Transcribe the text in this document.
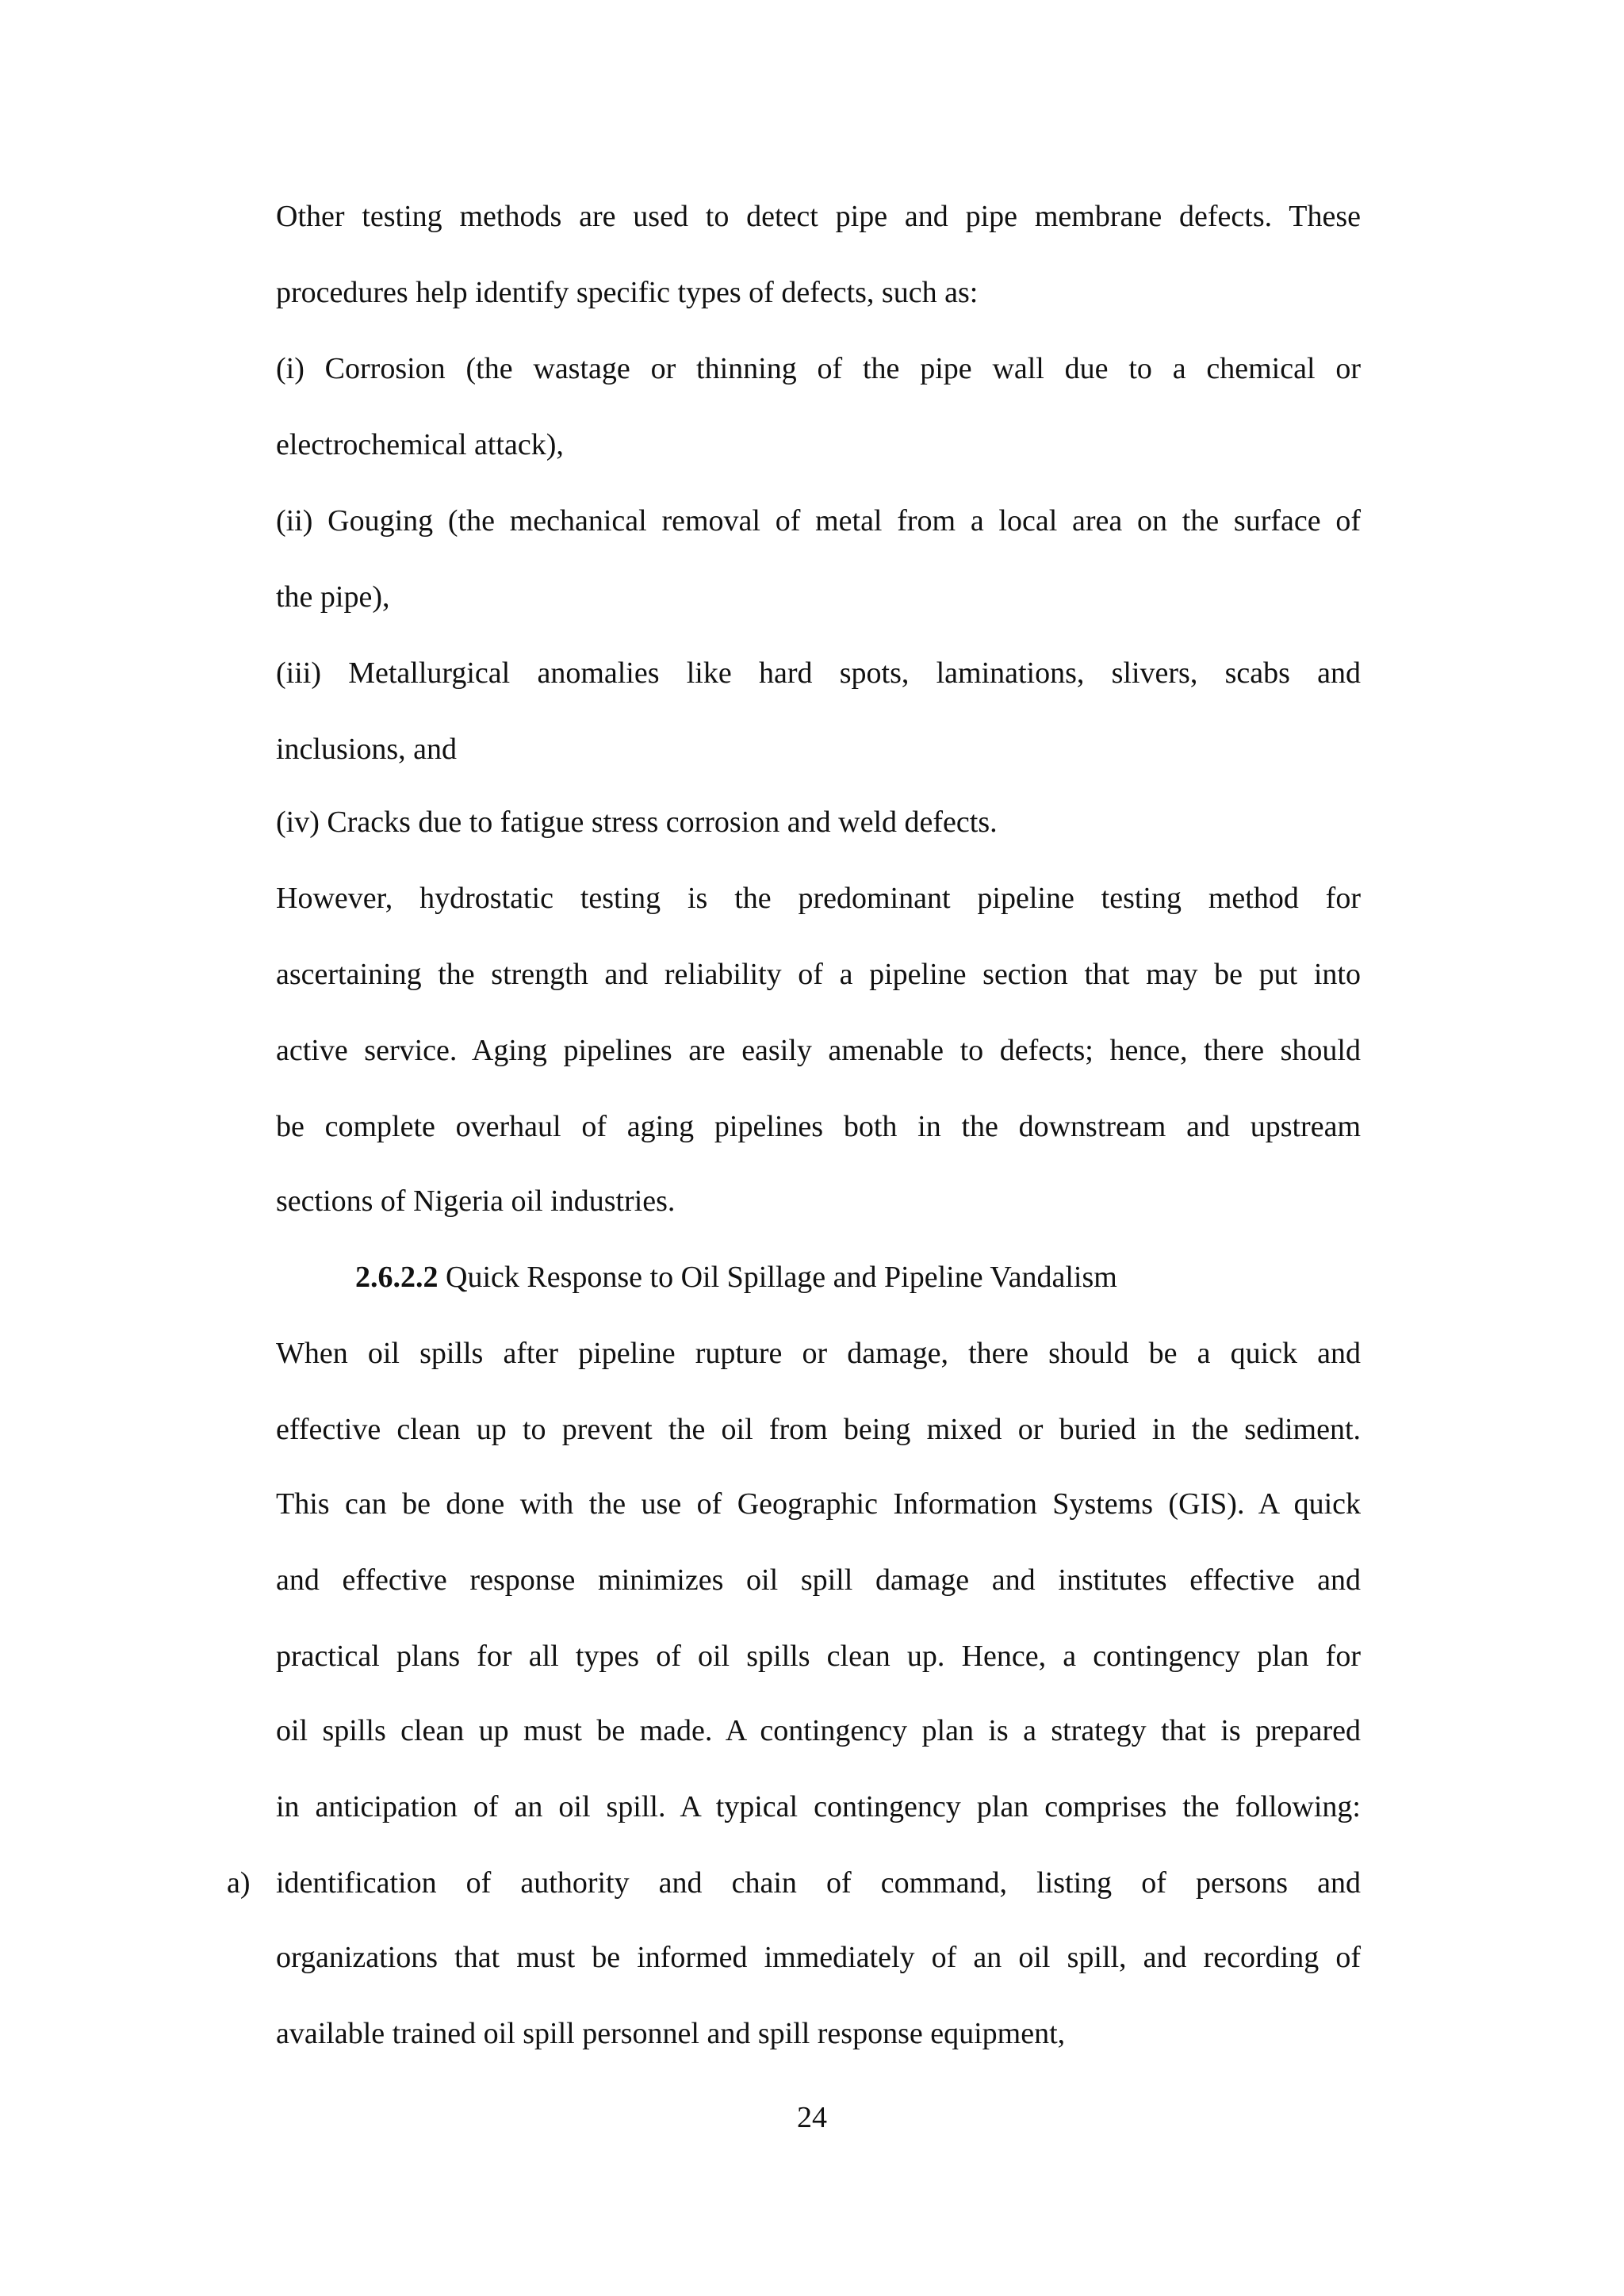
Other testing methods are used to detect pipe and pipe membrane defects. These
procedures help identify specific types of defects, such as:
(i) Corrosion (the wastage or thinning of the pipe wall due to a chemical or
electrochemical attack),
(ii) Gouging (the mechanical removal of metal from a local area on the surface of
the pipe),
(iii) Metallurgical anomalies like hard spots, laminations, slivers, scabs and
inclusions, and
(iv) Cracks due to fatigue stress corrosion and weld defects.
However, hydrostatic testing is the predominant pipeline testing method for
ascertaining the strength and reliability of a pipeline section that may be put into
active service. Aging pipelines are easily amenable to defects; hence, there should
be complete overhaul of aging pipelines both in the downstream and upstream
sections of Nigeria oil industries.
2.6.2.2 Quick Response to Oil Spillage and Pipeline Vandalism
When oil spills after pipeline rupture or damage, there should be a quick and
effective clean up to prevent the oil from being mixed or buried in the sediment.
This can be done with the use of Geographic Information Systems (GIS). A quick
and effective response minimizes oil spill damage and institutes effective and
practical plans for all types of oil spills clean up. Hence, a contingency plan for
oil spills clean up must be made. A contingency plan is a strategy that is prepared
in anticipation of an oil spill. A typical contingency plan comprises the following:
a) identification of authority and chain of command, listing of persons and
organizations that must be informed immediately of an oil spill, and recording of
available trained oil spill personnel and spill response equipment,
24
